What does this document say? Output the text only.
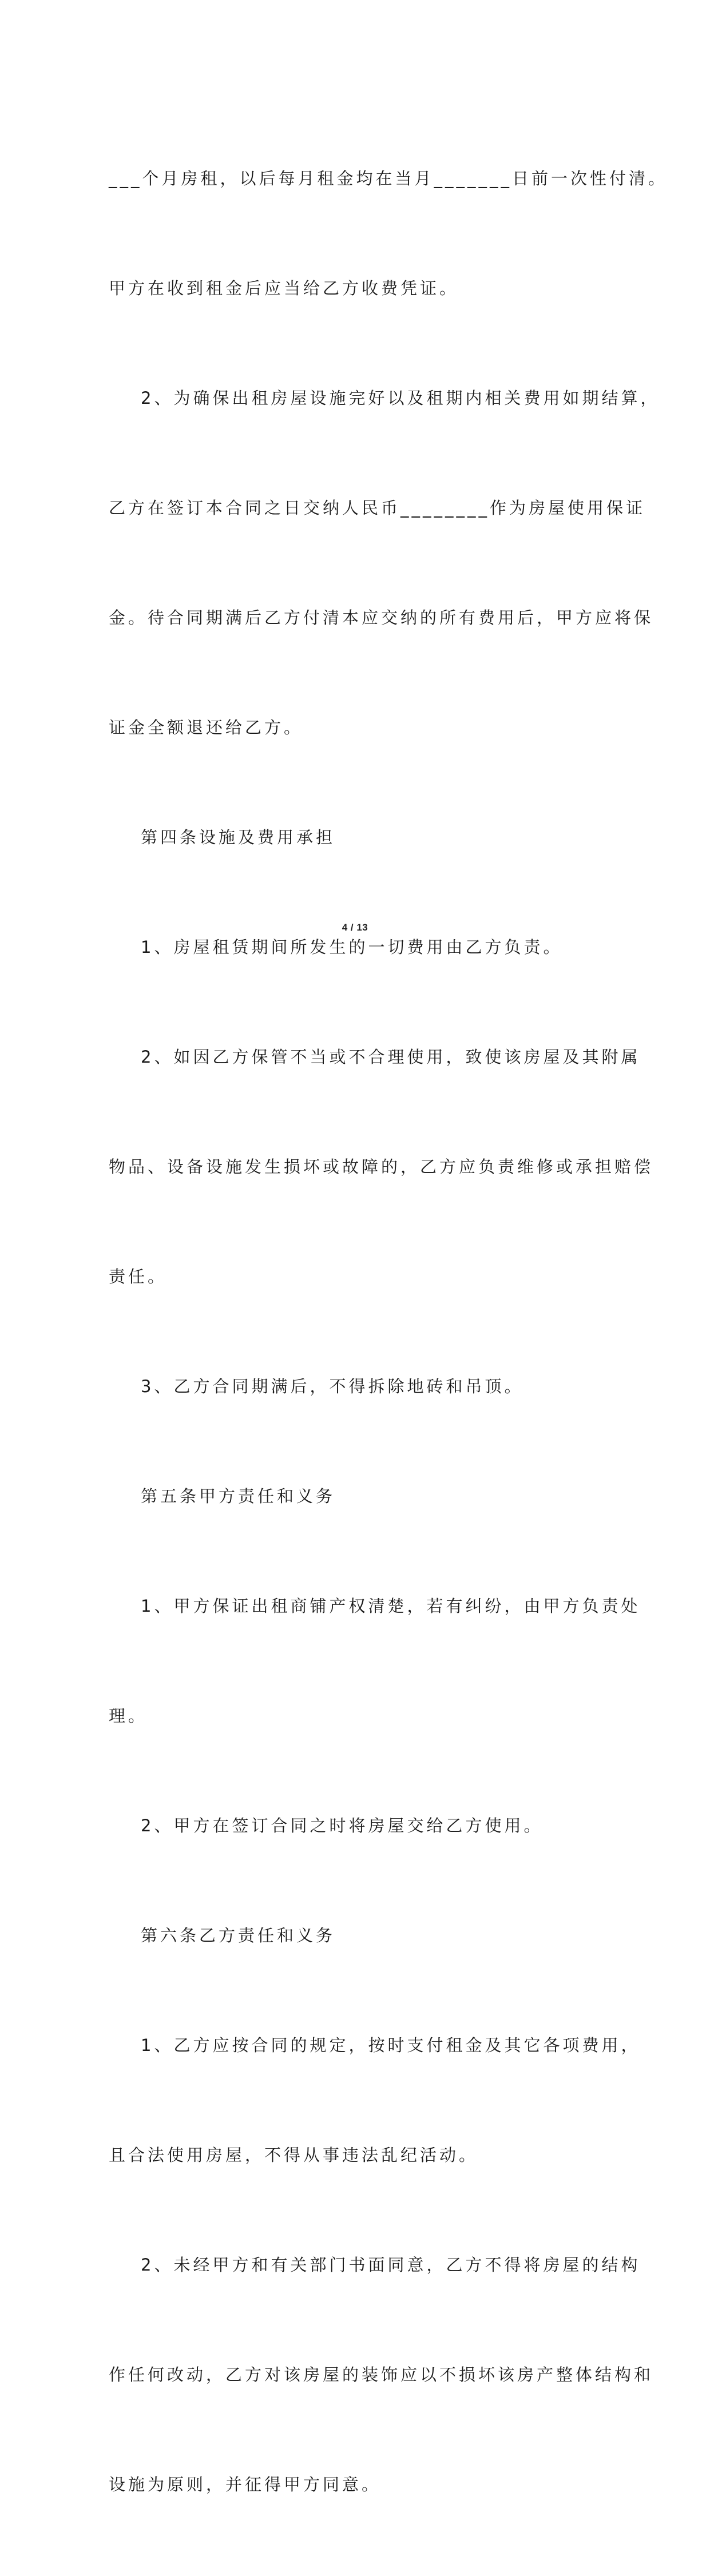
___个月房租，以后每月租金均在当月_______日前一次性付清。

甲方在收到租金后应当给乙方收费凭证。

2、为确保出租房屋设施完好以及租期内相关费用如期结算，

乙方在签订本合同之日交纳人民币________作为房屋使用保证

金。待合同期满后乙方付清本应交纳的所有费用后，甲方应将保

证金全额退还给乙方。

第四条设施及费用承担

1、房屋租赁期间所发生的一切费用由乙方负责。

2、如因乙方保管不当或不合理使用，致使该房屋及其附属

物品、设备设施发生损坏或故障的，乙方应负责维修或承担赔偿

责任。

3、乙方合同期满后，不得拆除地砖和吊顶。

第五条甲方责任和义务

1、甲方保证出租商铺产权清楚，若有纠纷，由甲方负责处

理。

2、甲方在签订合同之时将房屋交给乙方使用。

第六条乙方责任和义务

1、乙方应按合同的规定，按时支付租金及其它各项费用，

且合法使用房屋，不得从事违法乱纪活动。

2、未经甲方和有关部门书面同意，乙方不得将房屋的结构

作任何改动，乙方对该房屋的装饰应以不损坏该房产整体结构和

设施为原则，并征得甲方同意。

4 / 13
